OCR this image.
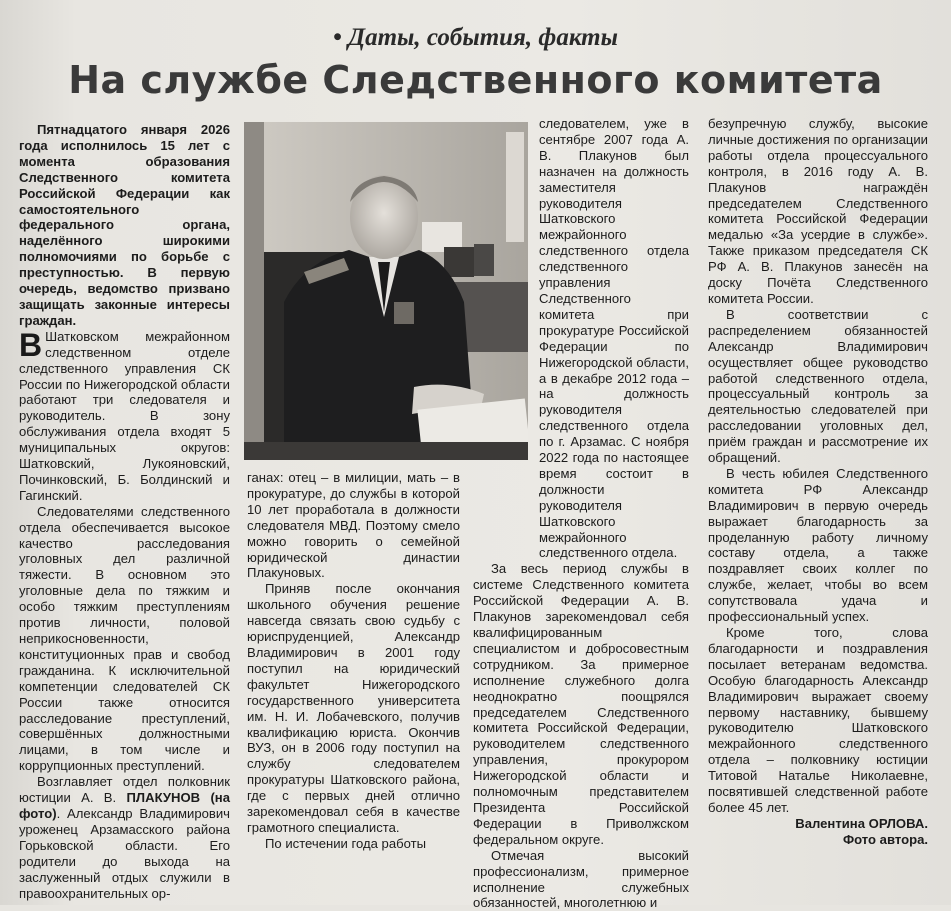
• Даты, события, факты
На службе Следственного комитета

Пятнадцатого января 2026 года исполнилось 15 лет с момента образования Следственного комитета Российской Федерации как самостоятельного федерального органа, наделённого широкими полномочиями по борьбе с преступностью. В первую очередь, ведомство призвано защищать законные интересы граждан.

В Шатковском межрайонном следственном отделе следственного управления СК России по Нижегородской области работают три следователя и руководитель. В зону обслуживания отдела входят 5 муниципальных округов: Шатковский, Лукояновский, Починковский, Б. Болдинский и Гагинский.

Следователями следственного отдела обеспечивается высокое качество расследования уголовных дел различной тяжести. В основном это уголовные дела по тяжким и особо тяжким преступлениям против личности, половой неприкосновенности, конституционных прав и свобод гражданина. К исключительной компетенции следователей СК России также относится расследование преступлений, совершённых должностными лицами, в том числе и коррупционных преступлений.

Возглавляет отдел полковник юстиции А. В. ПЛАКУНОВ (на фото). Александр Владимирович уроженец Арзамасского района Горьковской области. Его родители до выхода на заслуженный отдых служили в правоохранительных ор-

ганах: отец – в милиции, мать – в прокуратуре, до службы в которой 10 лет проработала в должности следователя МВД. Поэтому смело можно говорить о семейной юридической династии Плакуновых.

Приняв после окончания школьного обучения решение навсегда связать свою судьбу с юриспруденцией, Александр Владимирович в 2001 году поступил на юридический факультет Нижегородского государственного университета им. Н. И. Лобачевского, получив квалификацию юриста. Окончив ВУЗ, он в 2006 году поступил на службу следователем прокуратуры Шатковского района, где с первых дней отлично зарекомендовал себя в качестве грамотного специалиста.

По истечении года работы

следователем, уже в сентябре 2007 года А. В. Плакунов был назначен на должность заместителя руководителя Шатковского межрайонного следственного отдела следственного управления Следственного комитета при прокуратуре Российской Федерации по Нижегородской области, а в декабре 2012 года – на должность руководителя следственного отдела по г. Арзамас. С ноября 2022 года по настоящее время состоит в должности руководителя Шатковского межрайонного следственного отдела.

За весь период службы в системе Следственного комитета Российской Федерации А. В. Плакунов зарекомендовал себя квалифицированным специалистом и добросовестным сотрудником. За примерное исполнение служебного долга неоднократно поощрялся председателем Следственного комитета Российской Федерации, руководителем следственного управления, прокурором Нижегородской области и полномочным представителем Президента Российской Федерации в Приволжском федеральном округе.

Отмечая высокий профессионализм, примерное исполнение служебных обязанностей, многолетнюю и

безупречную службу, высокие личные достижения по организации работы отдела процессуального контроля, в 2016 году А. В. Плакунов награждён председателем Следственного комитета Российской Федерации медалью «За усердие в службе». Также приказом председателя СК РФ А. В. Плакунов занесён на доску Почёта Следственного комитета России.

В соответствии с распределением обязанностей Александр Владимирович осуществляет общее руководство работой следственного отдела, процессуальный контроль за деятельностью следователей при расследовании уголовных дел, приём граждан и рассмотрение их обращений.

В честь юбилея Следственного комитета РФ Александр Владимирович в первую очередь выражает благодарность за проделанную работу личному составу отдела, а также поздравляет своих коллег по службе, желает, чтобы во всем сопутствовала удача и профессиональный успех.

Кроме того, слова благодарности и поздравления посылает ветеранам ведомства. Особую благодарность Александр Владимирович выражает своему первому наставнику, бывшему руководителю Шатковского межрайонного следственного отдела – полковнику юстиции Титовой Наталье Николаевне, посвятившей следственной работе более 45 лет.

Валентина ОРЛОВА.

Фото автора.
